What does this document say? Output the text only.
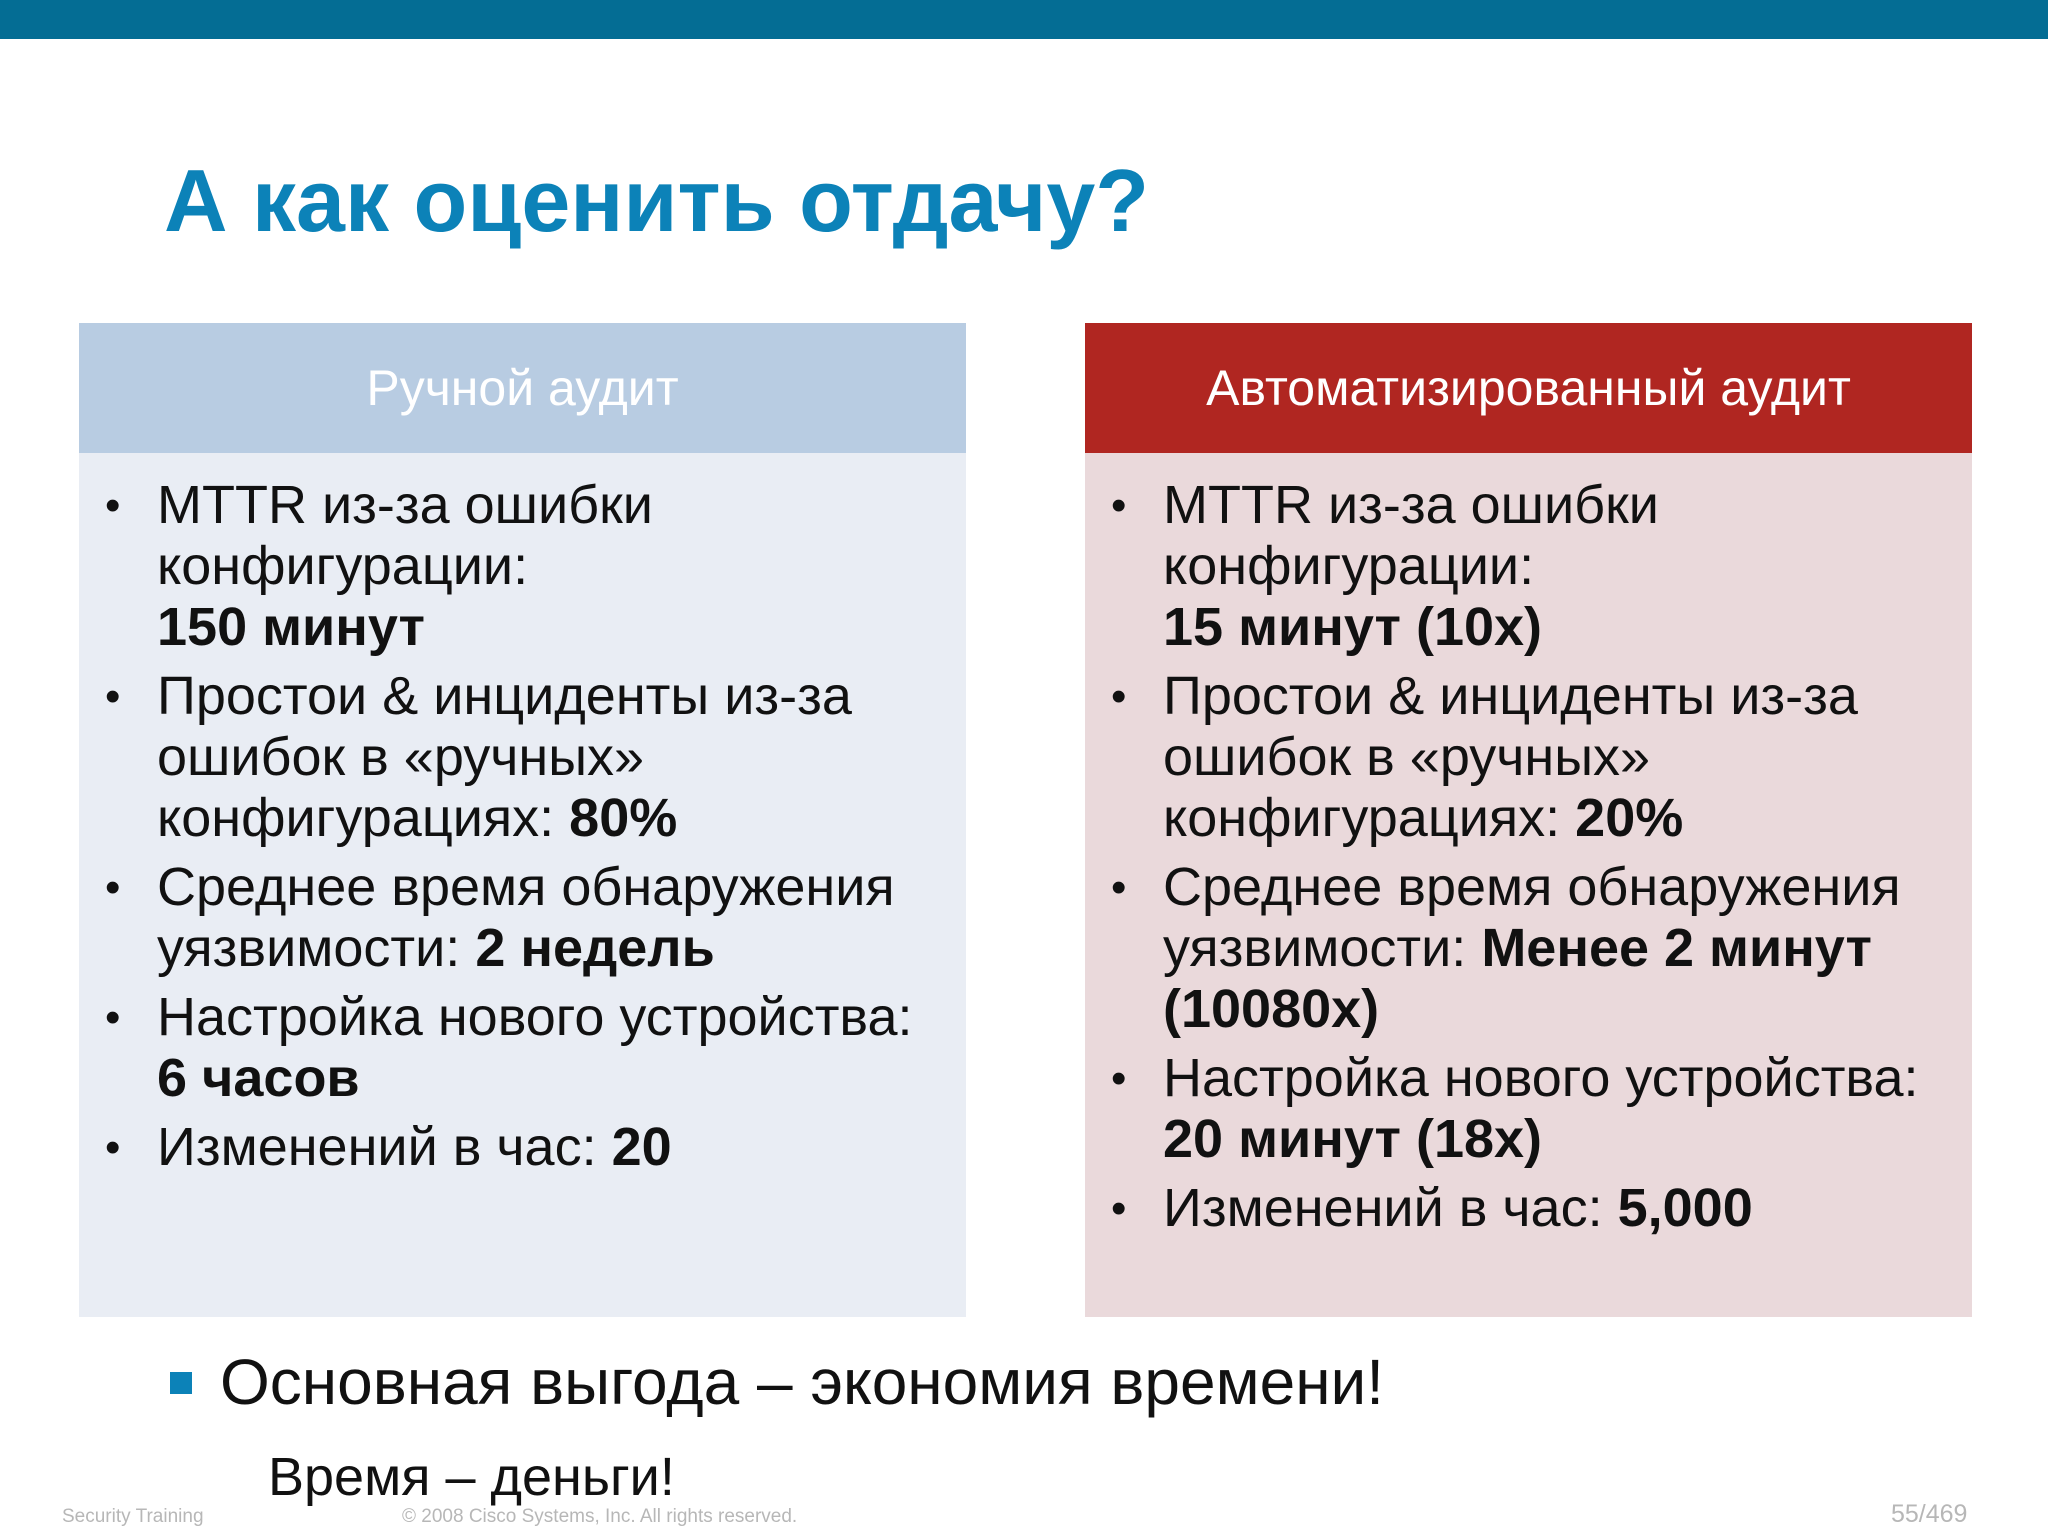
А как оценить отдачу?
Ручной аудит
• MTTR из-за ошибки конфигурации:
150 минут
• Простои & инциденты из-за ошибок в «ручных» конфигурациях: 80%
• Среднее время обнаружения уязвимости: 2 недель
• Настройка нового устройства: 6 часов
• Изменений в час: 20
Автоматизированный аудит
• MTTR из-за ошибки конфигурации:
15 минут (10x)
• Простои & инциденты из-за ошибок в «ручных» конфигурациях: 20%
• Среднее время обнаружения уязвимости: Менее 2 минут (10080x)
• Настройка нового устройства: 20 минут (18x)
• Изменений в час: 5,000
Основная выгода – экономия времени!
Время – деньги!
Security Training	© 2008 Cisco Systems, Inc. All rights reserved.	55/469
